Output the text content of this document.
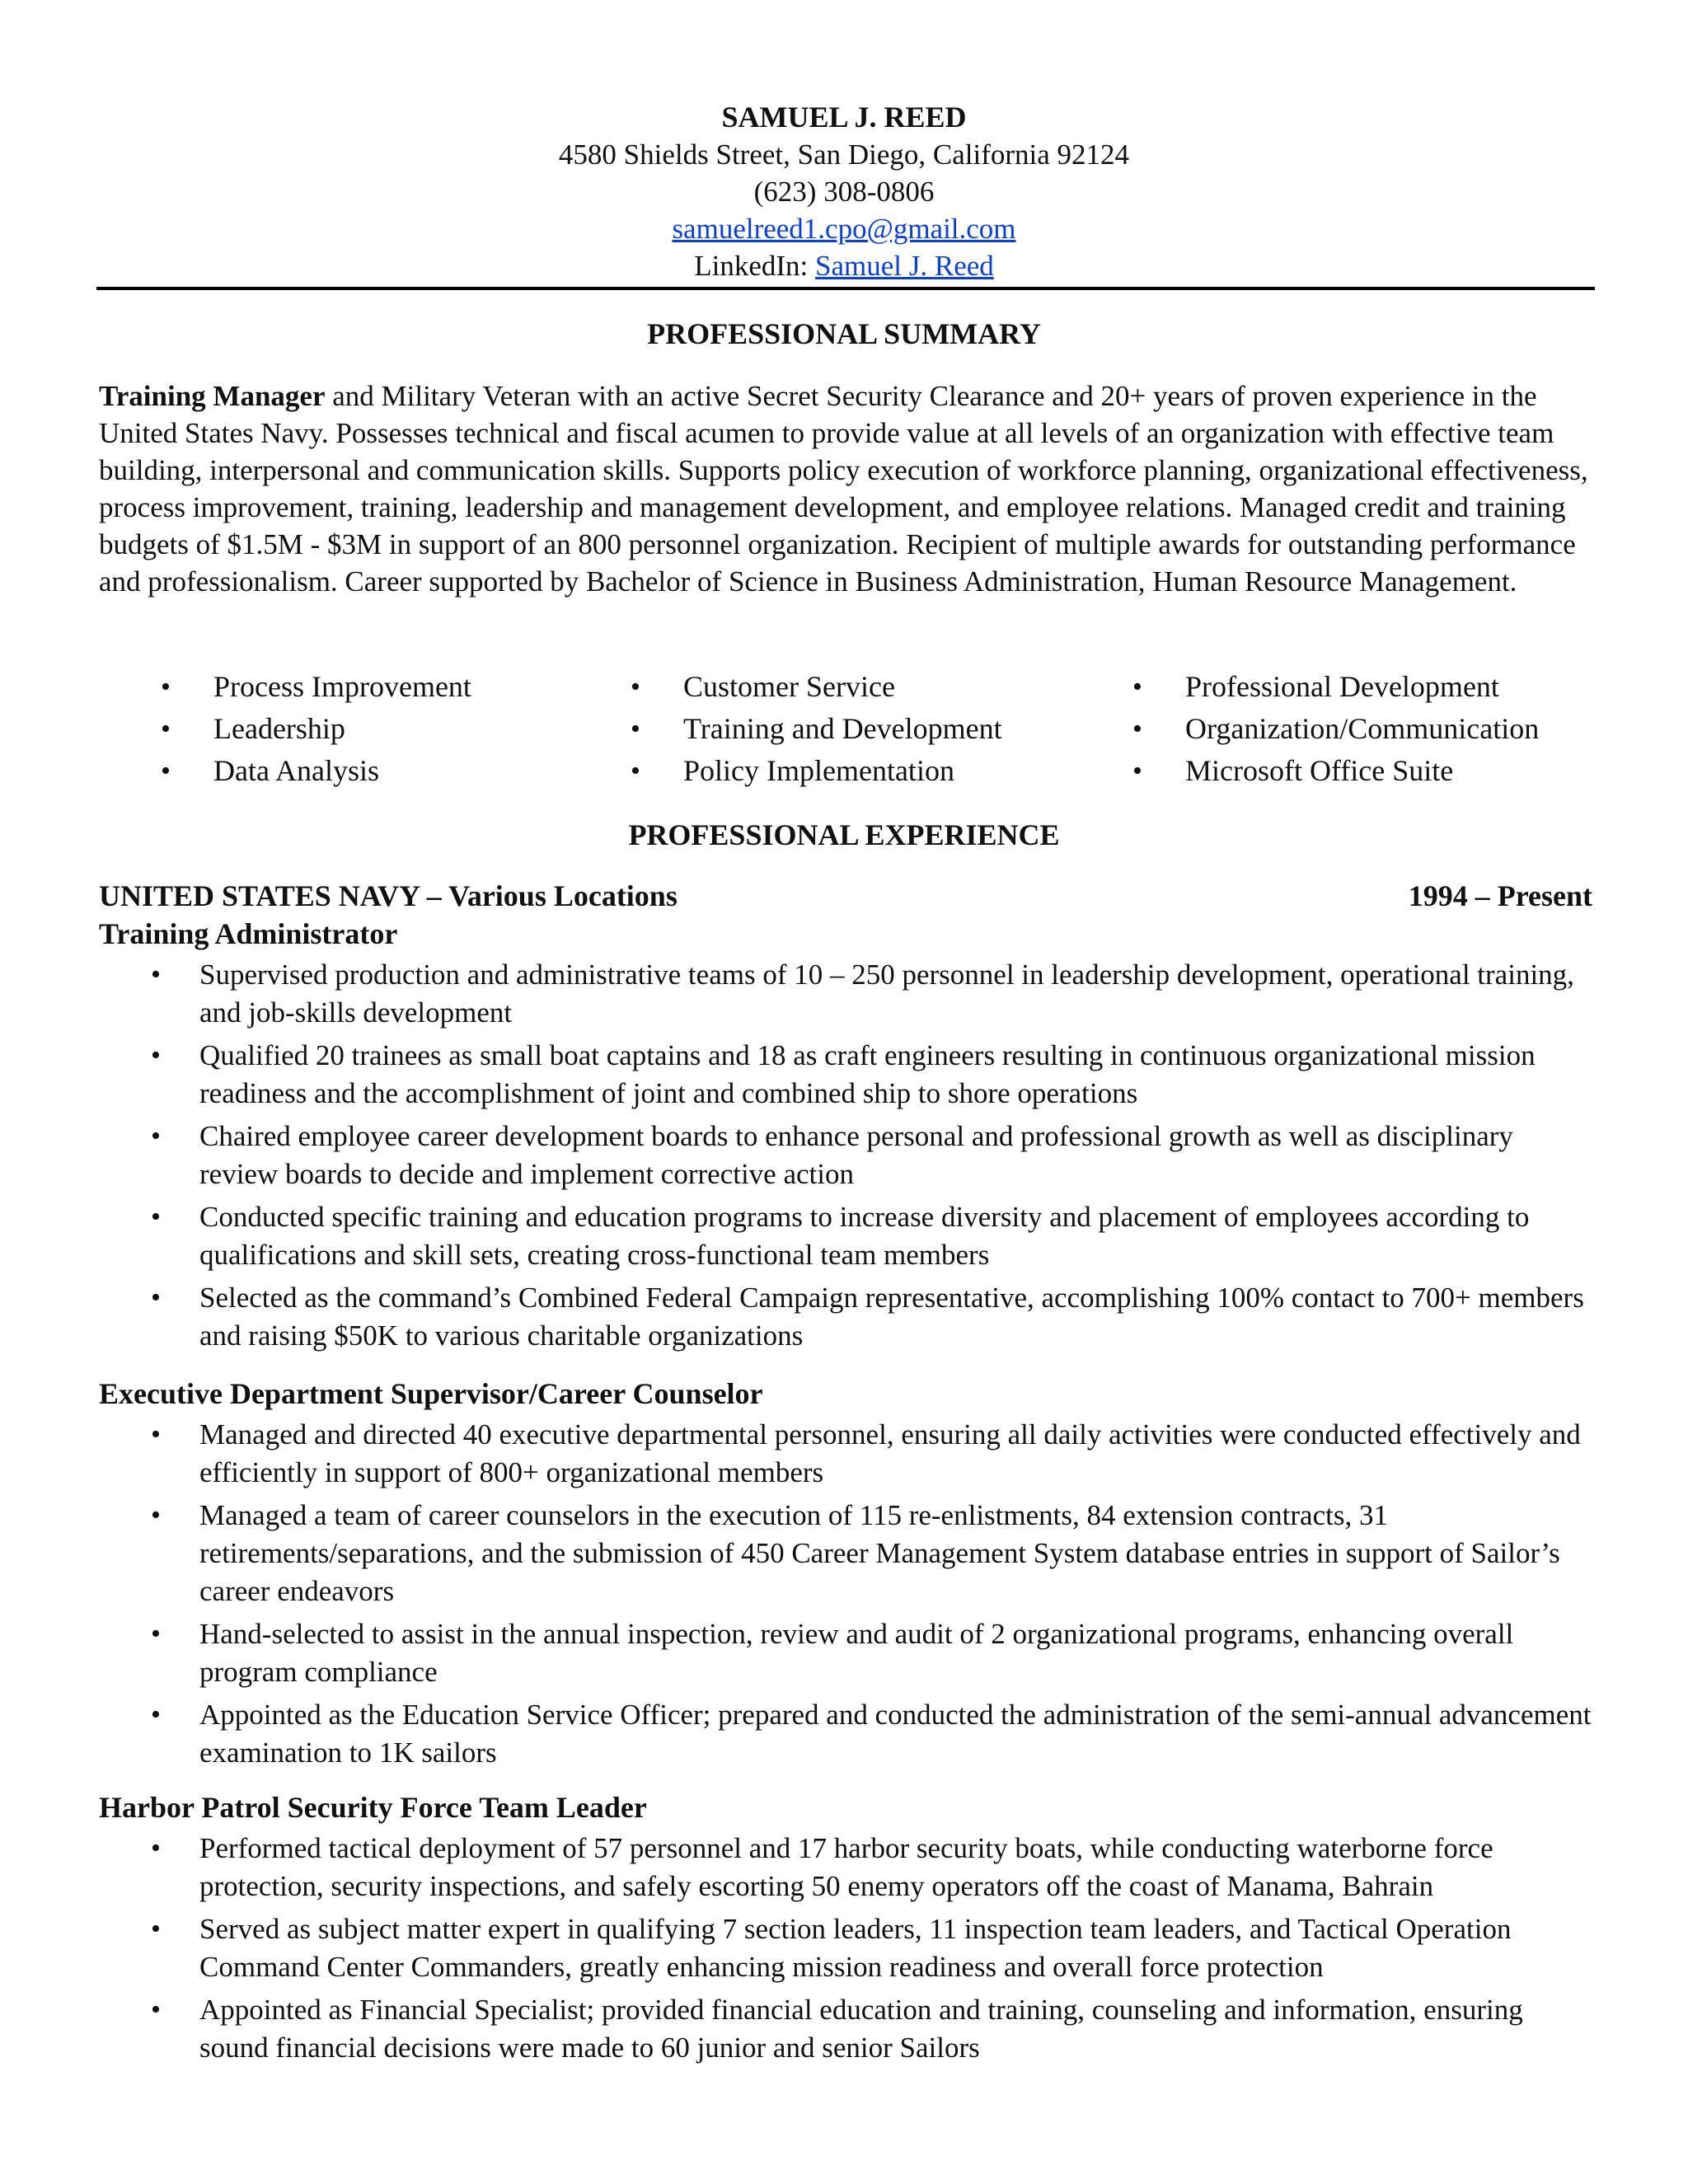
SAMUEL J. REED
4580 Shields Street, San Diego, California 92124
(623) 308-0806
samuelreed1.cpo@gmail.com
LinkedIn: Samuel J. Reed
PROFESSIONAL SUMMARY

Training Manager and Military Veteran with an active Secret Security Clearance and 20+ years of proven experience in the United States Navy. Possesses technical and fiscal acumen to provide value at all levels of an organization with effective team building, interpersonal and communication skills. Supports policy execution of workforce planning, organizational effectiveness, process improvement, training, leadership and management development, and employee relations. Managed credit and training budgets of $1.5M - $3M in support of an 800 personnel organization. Recipient of multiple awards for outstanding performance and professionalism. Career supported by Bachelor of Science in Business Administration, Human Resource Management.

• Process Improvement
• Leadership
• Data Analysis
• Customer Service
• Training and Development
• Policy Implementation
• Professional Development
• Organization/Communication
• Microsoft Office Suite
PROFESSIONAL EXPERIENCE
UNITED STATES NAVY – Various Locations	1994 – Present
Training Administrator
• Supervised production and administrative teams of 10 – 250 personnel in leadership development, operational training, and job-skills development
• Qualified 20 trainees as small boat captains and 18 as craft engineers resulting in continuous organizational mission readiness and the accomplishment of joint and combined ship to shore operations
• Chaired employee career development boards to enhance personal and professional growth as well as disciplinary review boards to decide and implement corrective action
• Conducted specific training and education programs to increase diversity and placement of employees according to qualifications and skill sets, creating cross-functional team members
• Selected as the command’s Combined Federal Campaign representative, accomplishing 100% contact to 700+ members and raising $50K to various charitable organizations
Executive Department Supervisor/Career Counselor
• Managed and directed 40 executive departmental personnel, ensuring all daily activities were conducted effectively and efficiently in support of 800+ organizational members
• Managed a team of career counselors in the execution of 115 re-enlistments, 84 extension contracts, 31 retirements/separations, and the submission of 450 Career Management System database entries in support of Sailor’s career endeavors
• Hand-selected to assist in the annual inspection, review and audit of 2 organizational programs, enhancing overall program compliance
• Appointed as the Education Service Officer; prepared and conducted the administration of the semi-annual advancement examination to 1K sailors
Harbor Patrol Security Force Team Leader
• Performed tactical deployment of 57 personnel and 17 harbor security boats, while conducting waterborne force protection, security inspections, and safely escorting 50 enemy operators off the coast of Manama, Bahrain
• Served as subject matter expert in qualifying 7 section leaders, 11 inspection team leaders, and Tactical Operation Command Center Commanders, greatly enhancing mission readiness and overall force protection
• Appointed as Financial Specialist; provided financial education and training, counseling and information, ensuring sound financial decisions were made to 60 junior and senior Sailors
